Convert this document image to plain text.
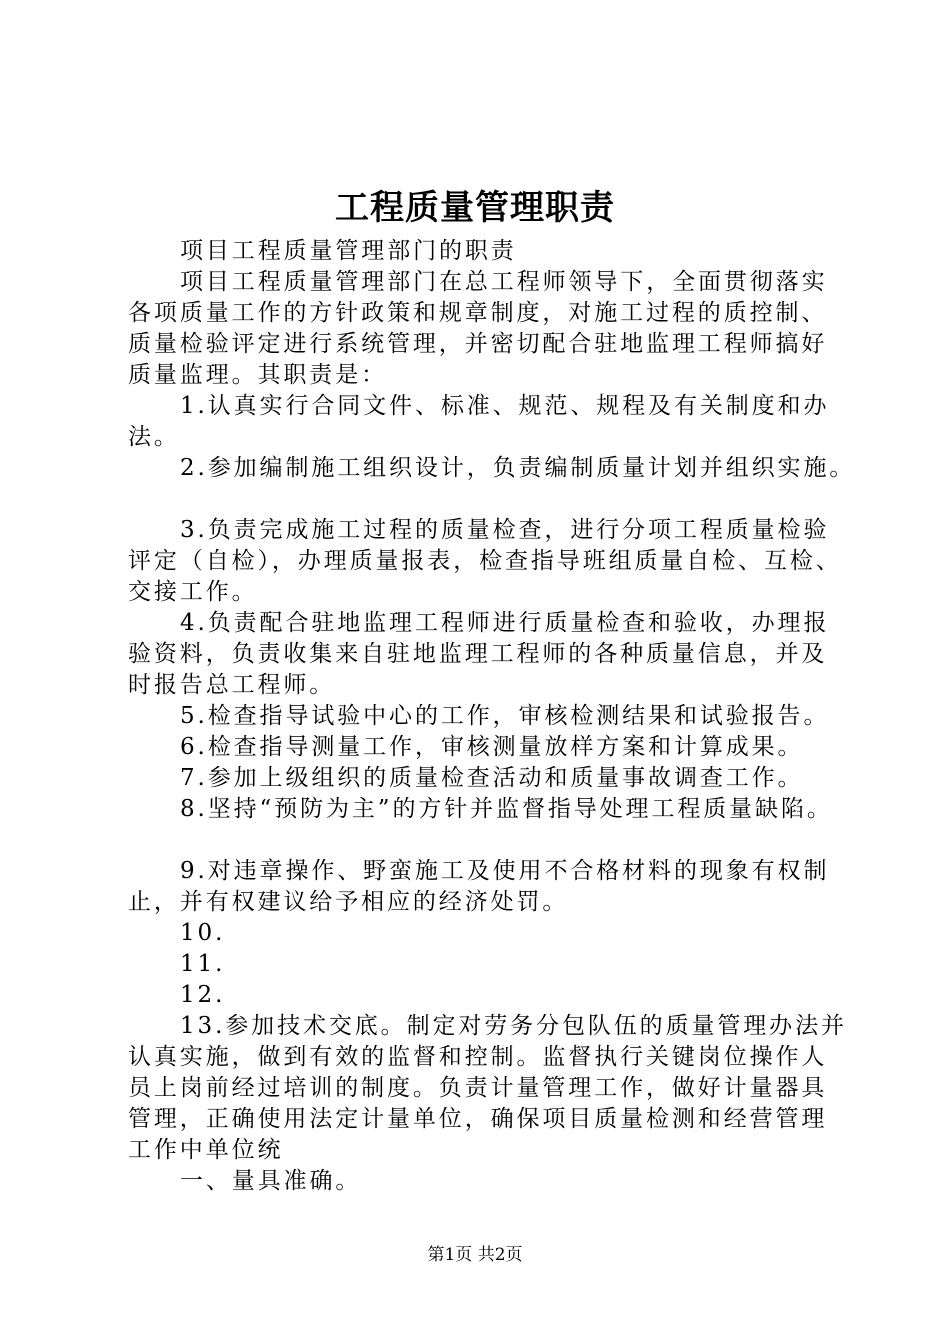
工程质量管理职责
项目工程质量管理部门的职责
项目工程质量管理部门在总工程师领导下，全面贯彻落实
各项质量工作的方针政策和规章制度，对施工过程的质控制、
质量检验评定进行系统管理，并密切配合驻地监理工程师搞好
质量监理。其职责是：
1.认真实行合同文件、标准、规范、规程及有关制度和办
法。
2.参加编制施工组织设计，负责编制质量计划并组织实施。
3.负责完成施工过程的质量检查，进行分项工程质量检验
评定（自检），办理质量报表，检查指导班组质量自检、互检、
交接工作。
4.负责配合驻地监理工程师进行质量检查和验收，办理报
验资料，负责收集来自驻地监理工程师的各种质量信息，并及
时报告总工程师。
5.检查指导试验中心的工作，审核检测结果和试验报告。
6.检查指导测量工作，审核测量放样方案和计算成果。
7.参加上级组织的质量检查活动和质量事故调查工作。
8.坚持“预防为主”的方针并监督指导处理工程质量缺陷。
9.对违章操作、野蛮施工及使用不合格材料的现象有权制
止，并有权建议给予相应的经济处罚。
10.
11.
12.
13.参加技术交底。制定对劳务分包队伍的质量管理办法并
认真实施，做到有效的监督和控制。监督执行关键岗位操作人
员上岗前经过培训的制度。负责计量管理工作，做好计量器具
管理，正确使用法定计量单位，确保项目质量检测和经营管理
工作中单位统
一、量具准确。
第1页 共2页
